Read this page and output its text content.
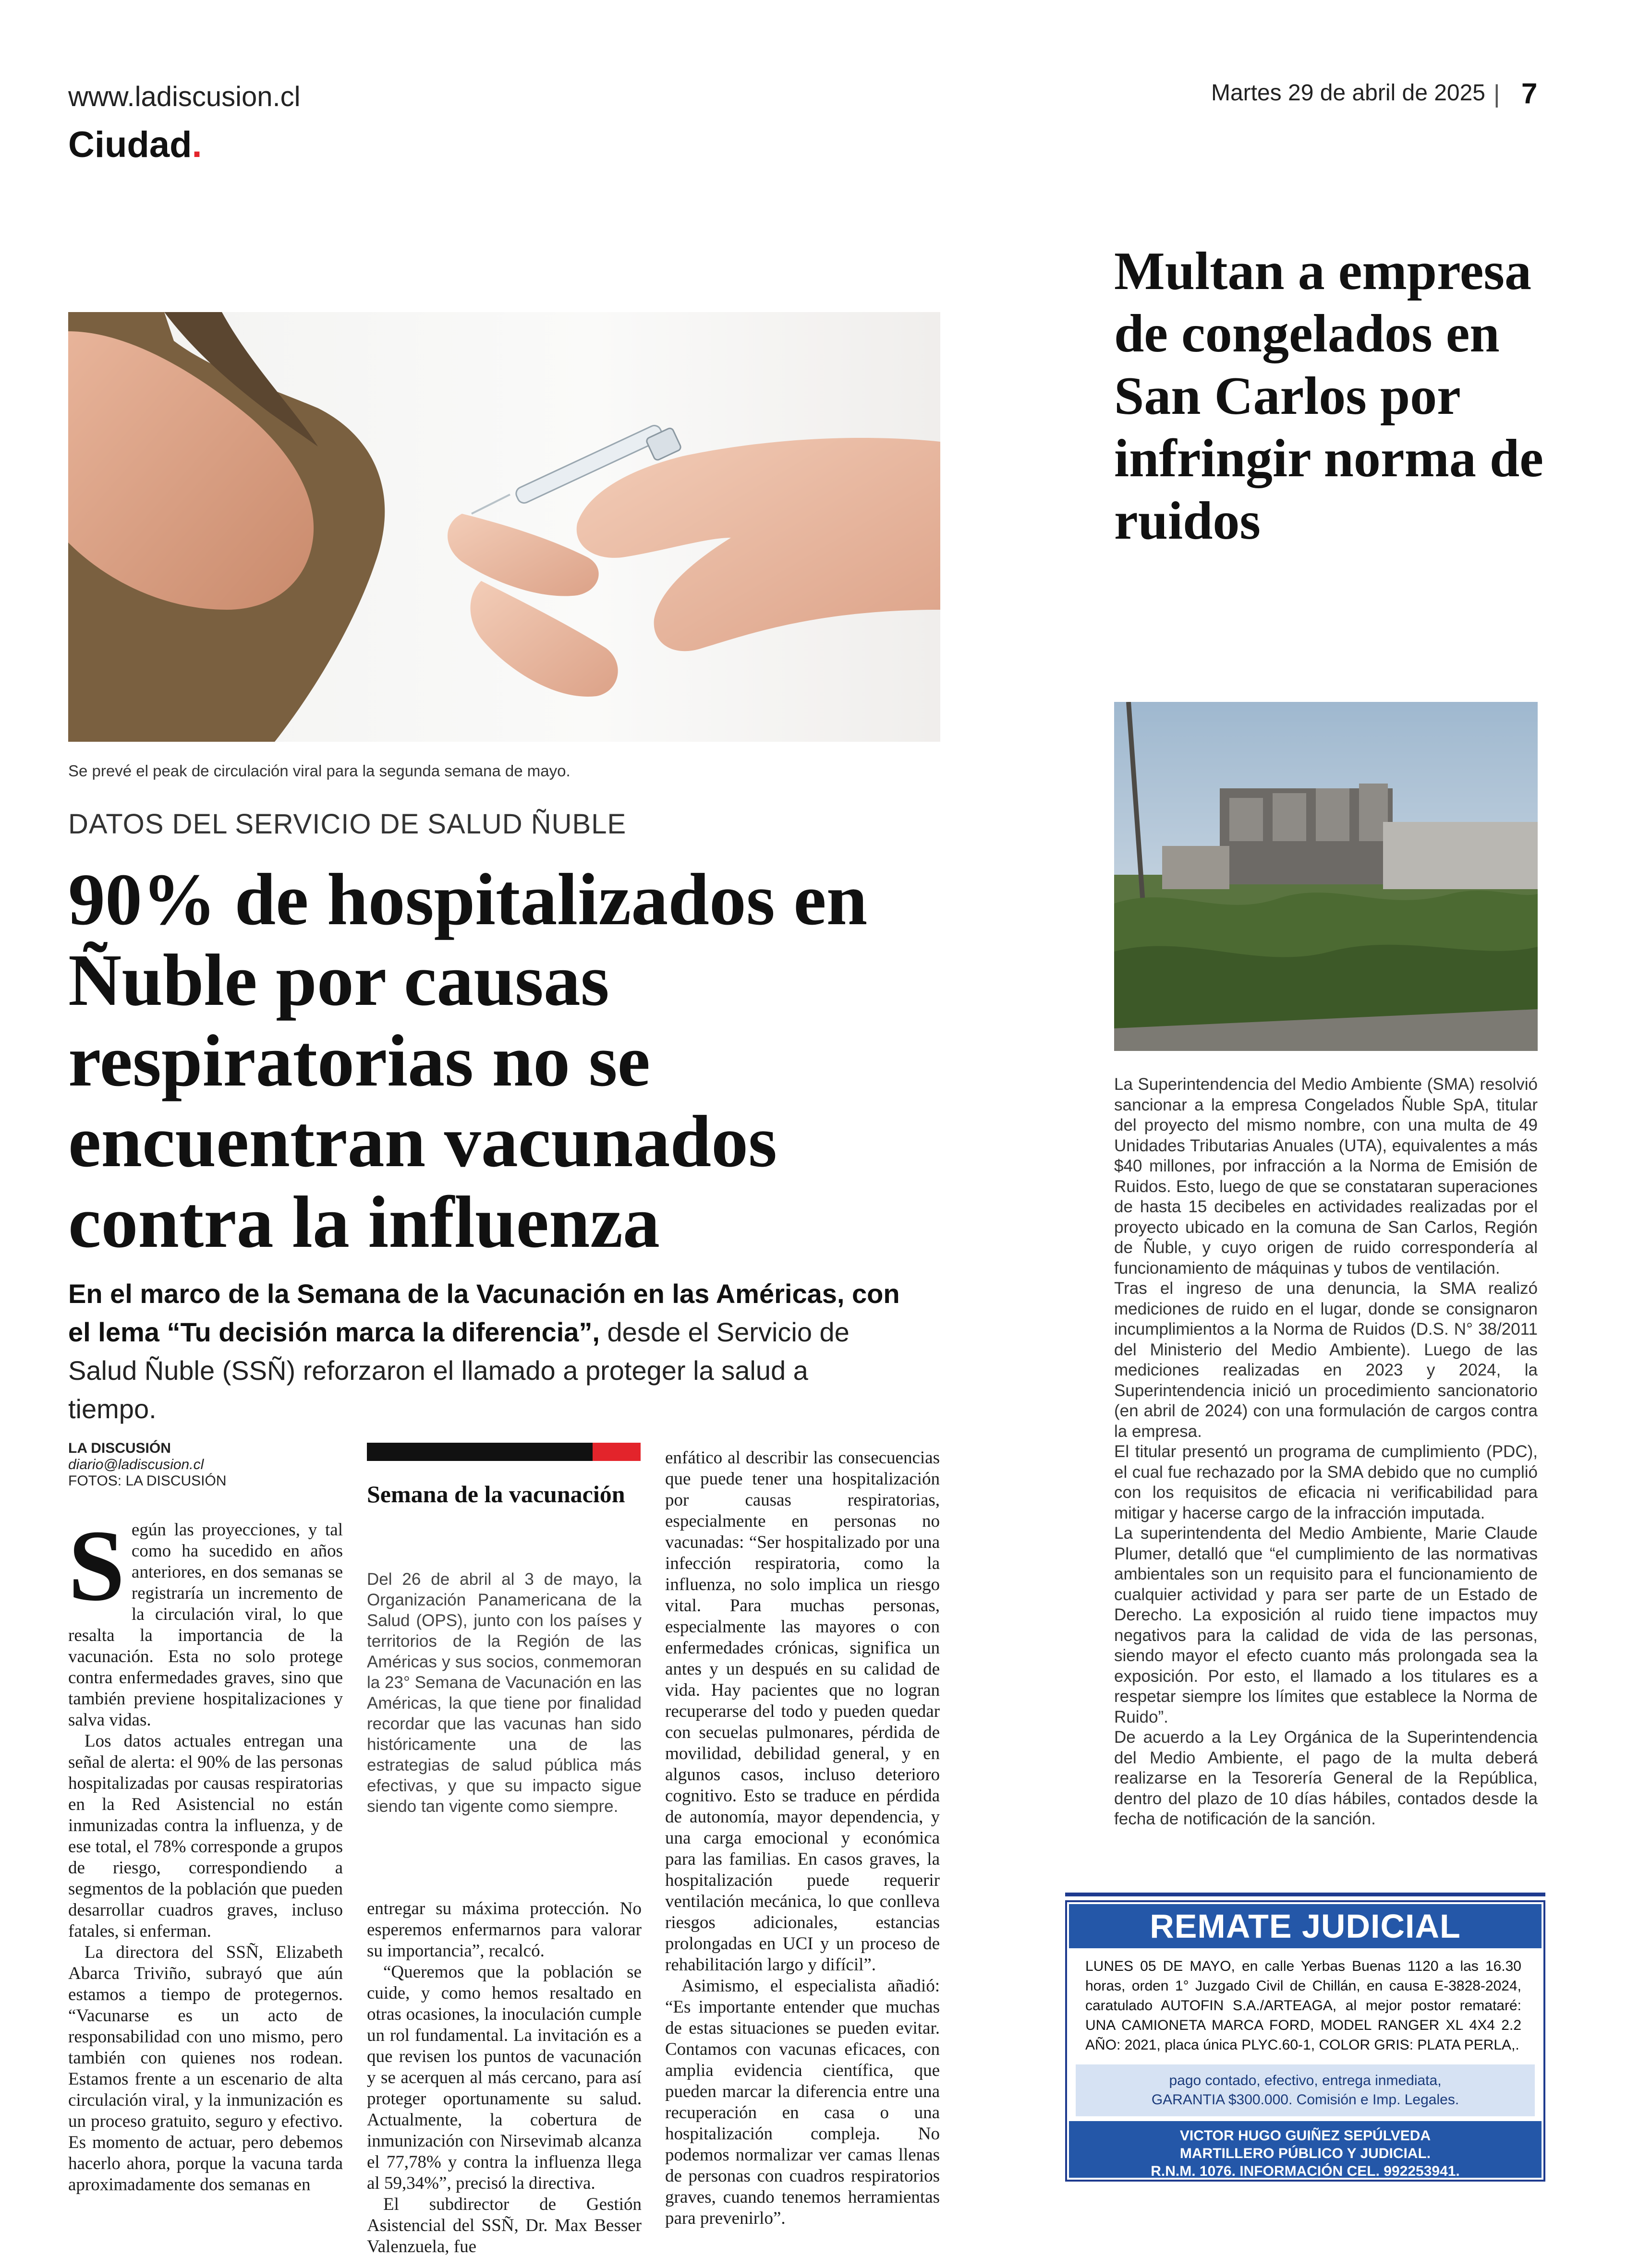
www.ladiscusion.cl
Ciudad.
Martes 29 de abril de 2025 | 7
Se prevé el peak de circulación viral para la segunda semana de mayo.
DATOS DEL SERVICIO DE SALUD ÑUBLE
90% de hospitalizados en Ñuble por causas respiratorias no se encuentran vacunados contra la influenza
En el marco de la Semana de la Vacunación en las Américas, con el lema “Tu decisión marca la diferencia”, desde el Servicio de Salud Ñuble (SSÑ) reforzaron el llamado a proteger la salud a tiempo.
LA DISCUSIÓN
diario@ladiscusion.cl
FOTOS: LA DISCUSIÓN
S egún las proyecciones, y tal como ha sucedido en años anteriores, en dos semanas se registraría un incremento de la circulación viral, lo que resalta la importancia de la vacunación. Esta no solo protege contra enfermedades graves, sino que también previene hospitalizaciones y salva vidas.

Los datos actuales entregan una señal de alerta: el 90% de las personas hospitalizadas por causas respiratorias en la Red Asistencial no están inmunizadas contra la influenza, y de ese total, el 78% corresponde a grupos de riesgo, correspondiendo a segmentos de la población que pueden desarrollar cuadros graves, incluso fatales, si enferman.

La directora del SSÑ, Elizabeth Abarca Triviño, subrayó que aún estamos a tiempo de protegernos. “Vacunarse es un acto de responsabilidad con uno mismo, pero también con quienes nos rodean. Estamos frente a un escenario de alta circulación viral, y la inmunización es un proceso gratuito, seguro y efectivo. Es momento de actuar, pero debemos hacerlo ahora, porque la vacuna tarda aproximadamente dos semanas en

Semana de la vacunación
Del 26 de abril al 3 de mayo, la Organización Panamericana de la Salud (OPS), junto con los países y territorios de la Región de las Américas y sus socios, conmemoran la 23° Semana de Vacunación en las Américas, la que tiene por finalidad recordar que las vacunas han sido históricamente una de las estrategias de salud pública más efectivas, y que su impacto sigue siendo tan vigente como siempre.

entregar su máxima protección. No esperemos enfermarnos para valorar su importancia”, recalcó.

“Queremos que la población se cuide, y como hemos resaltado en otras ocasiones, la inoculación cumple un rol fundamental. La invitación es a que revisen los puntos de vacunación y se acerquen al más cercano, para así proteger oportunamente su salud. Actualmente, la cobertura de inmunización con Nirsevimab alcanza el 77,78% y contra la influenza llega al 59,34%”, precisó la directiva.

El subdirector de Gestión Asistencial del SSÑ, Dr. Max Besser Valenzuela, fue

enfático al describir las consecuencias que puede tener una hospitalización por causas respiratorias, especialmente en personas no vacunadas: “Ser hospitalizado por una infección respiratoria, como la influenza, no solo implica un riesgo vital. Para muchas personas, especialmente las mayores o con enfermedades crónicas, significa un antes y un después en su calidad de vida. Hay pacientes que no logran recuperarse del todo y pueden quedar con secuelas pulmonares, pérdida de movilidad, debilidad general, y en algunos casos, incluso deterioro cognitivo. Esto se traduce en pérdida de autonomía, mayor dependencia, y una carga emocional y económica para las familias. En casos graves, la hospitalización puede requerir ventilación mecánica, lo que conlleva riesgos adicionales, estancias prolongadas en UCI y un proceso de rehabilitación largo y difícil”.

Asimismo, el especialista añadió: “Es importante entender que muchas de estas situaciones se pueden evitar. Contamos con vacunas eficaces, con amplia evidencia científica, que pueden marcar la diferencia entre una recuperación en casa o una hospitalización compleja. No podemos normalizar ver camas llenas de personas con cuadros respiratorios graves, cuando tenemos herramientas para prevenirlo”.

Multan a empresa de congelados en San Carlos por infringir norma de ruidos

La Superintendencia del Medio Ambiente (SMA) resolvió sancionar a la empresa Congelados Ñuble SpA, titular del proyecto del mismo nombre, con una multa de 49 Unidades Tributarias Anuales (UTA), equivalentes a más $40 millones, por infracción a la Norma de Emisión de Ruidos. Esto, luego de que se constataran superaciones de hasta 15 decibeles en actividades realizadas por el proyecto ubicado en la comuna de San Carlos, Región de Ñuble, y cuyo origen de ruido correspondería al funcionamiento de máquinas y tubos de ventilación.

Tras el ingreso de una denuncia, la SMA realizó mediciones de ruido en el lugar, donde se consignaron incumplimientos a la Norma de Ruidos (D.S. N° 38/2011 del Ministerio del Medio Ambiente). Luego de las mediciones realizadas en 2023 y 2024, la Superintendencia inició un procedimiento sancionatorio (en abril de 2024) con una formulación de cargos contra la empresa.

El titular presentó un programa de cumplimiento (PDC), el cual fue rechazado por la SMA debido que no cumplió con los requisitos de eficacia ni verificabilidad para mitigar y hacerse cargo de la infracción imputada.

La superintendenta del Medio Ambiente, Marie Claude Plumer, detalló que “el cumplimiento de las normativas ambientales son un requisito para el funcionamiento de cualquier actividad y para ser parte de un Estado de Derecho. La exposición al ruido tiene impactos muy negativos para la calidad de vida de las personas, siendo mayor el efecto cuanto más prolongada sea la exposición. Por esto, el llamado a los titulares es a respetar siempre los límites que establece la Norma de Ruido”.

De acuerdo a la Ley Orgánica de la Superintendencia del Medio Ambiente, el pago de la multa deberá realizarse en la Tesorería General de la República, dentro del plazo de 10 días hábiles, contados desde la fecha de notificación de la sanción.

REMATE JUDICIAL
LUNES 05 DE MAYO, en calle Yerbas Buenas 1120 a las 16.30 horas, orden 1° Juzgado Civil de Chillán, en causa E-3828-2024, caratulado AUTOFIN S.A./ARTEAGA, al mejor postor remataré: UNA CAMIONETA MARCA FORD, MODEL RANGER XL 4X4 2.2 AÑO: 2021, placa única PLYC.60-1, COLOR GRIS: PLATA PERLA,.
pago contado, efectivo, entrega inmediata,
GARANTIA $300.000. Comisión e Imp. Legales.
VICTOR HUGO GUIÑEZ SEPÚLVEDA
MARTILLERO PÚBLICO Y JUDICIAL.
R.N.M. 1076. INFORMACIÓN CEL. 992253941.
